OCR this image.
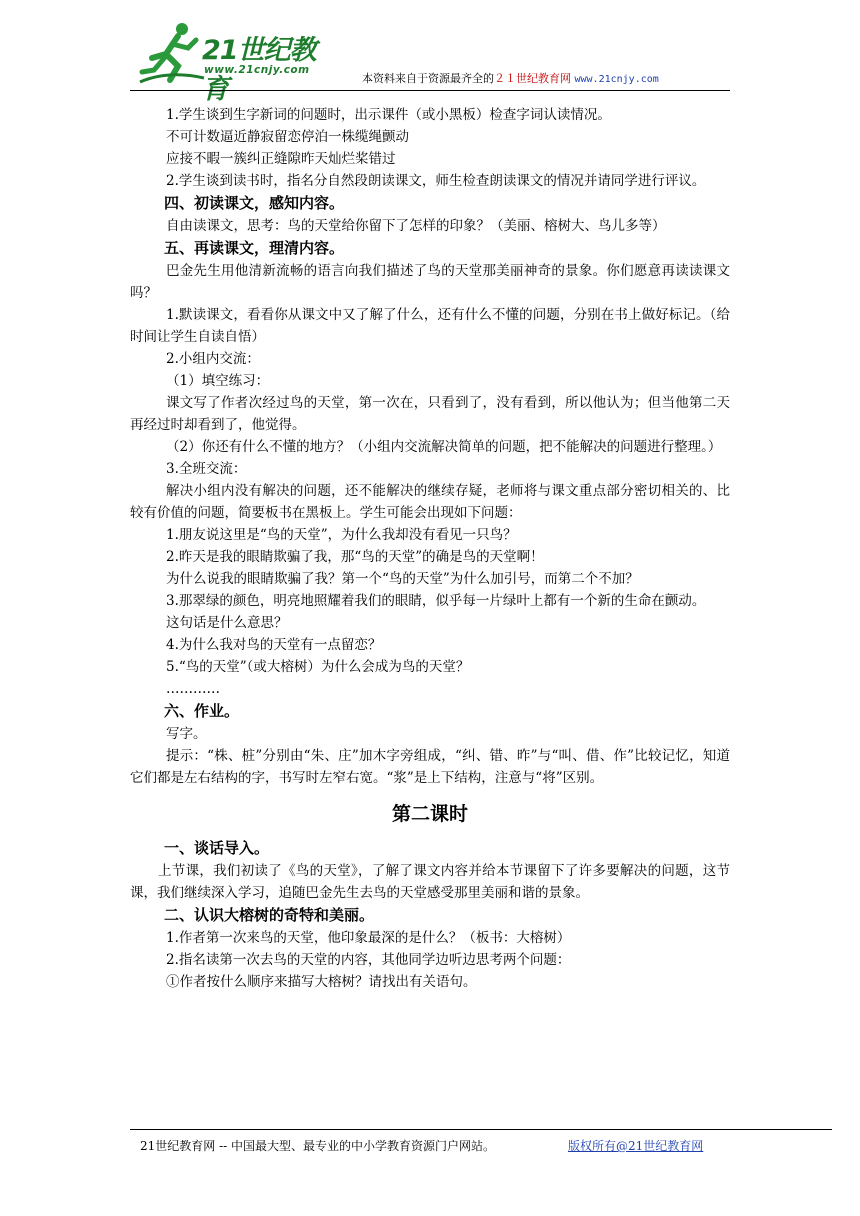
21世纪教育
www.21cnjy.com
本资料来自于资源最齐全的２１世纪教育网 www.21cnjy.com

1.学生谈到生字新词的问题时，出示课件（或小黑板）检查字词认读情况。

不可计数逼近静寂留恋停泊一株缆绳颤动

应接不暇一簇纠正缝隙昨天灿烂桨错过

2.学生谈到读书时，指名分自然段朗读课文，师生检查朗读课文的情况并请同学进行评议。

四、初读课文，感知内容。

自由读课文，思考：鸟的天堂给你留下了怎样的印象？（美丽、榕树大、鸟儿多等）

五、再读课文，理清内容。

巴金先生用他清新流畅的语言向我们描述了鸟的天堂那美丽神奇的景象。你们愿意再读读课文吗？

1.默读课文，看看你从课文中又了解了什么，还有什么不懂的问题，分别在书上做好标记。（给时间让学生自读自悟）

2.小组内交流：

（1）填空练习：

课文写了作者次经过鸟的天堂，第一次在，只看到了，没有看到，所以他认为；但当他第二天再经过时却看到了，他觉得。

（2）你还有什么不懂的地方？（小组内交流解决简单的问题，把不能解决的问题进行整理。）

3.全班交流：

解决小组内没有解决的问题，还不能解决的继续存疑，老师将与课文重点部分密切相关的、比较有价值的问题，简要板书在黑板上。学生可能会出现如下问题：

1.朋友说这里是“鸟的天堂”，为什么我却没有看见一只鸟？

2.昨天是我的眼睛欺骗了我，那“鸟的天堂”的确是鸟的天堂啊！

为什么说我的眼睛欺骗了我？第一个“鸟的天堂”为什么加引号，而第二个不加？

3.那翠绿的颜色，明亮地照耀着我们的眼睛，似乎每一片绿叶上都有一个新的生命在颤动。

这句话是什么意思？

4.为什么我对鸟的天堂有一点留恋？

5.“鸟的天堂”（或大榕树）为什么会成为鸟的天堂？

…………

六、作业。

写字。

提示：“株、桩”分别由“朱、庄”加木字旁组成，“纠、错、昨”与“叫、借、作”比较记忆，知道它们都是左右结构的字，书写时左窄右宽。“浆”是上下结构，注意与“将”区别。

第二课时

一、谈话导入。

上节课，我们初读了《鸟的天堂》，了解了课文内容并给本节课留下了许多要解决的问题，这节课，我们继续深入学习，追随巴金先生去鸟的天堂感受那里美丽和谐的景象。

二、认识大榕树的奇特和美丽。

1.作者第一次来鸟的天堂，他印象最深的是什么？（板书：大榕树）

2.指名读第一次去鸟的天堂的内容，其他同学边听边思考两个问题：

①作者按什么顺序来描写大榕树？请找出有关语句。

21世纪教育网 -- 中国最大型、最专业的中小学教育资源门户网站。	版权所有@21世纪教育网
